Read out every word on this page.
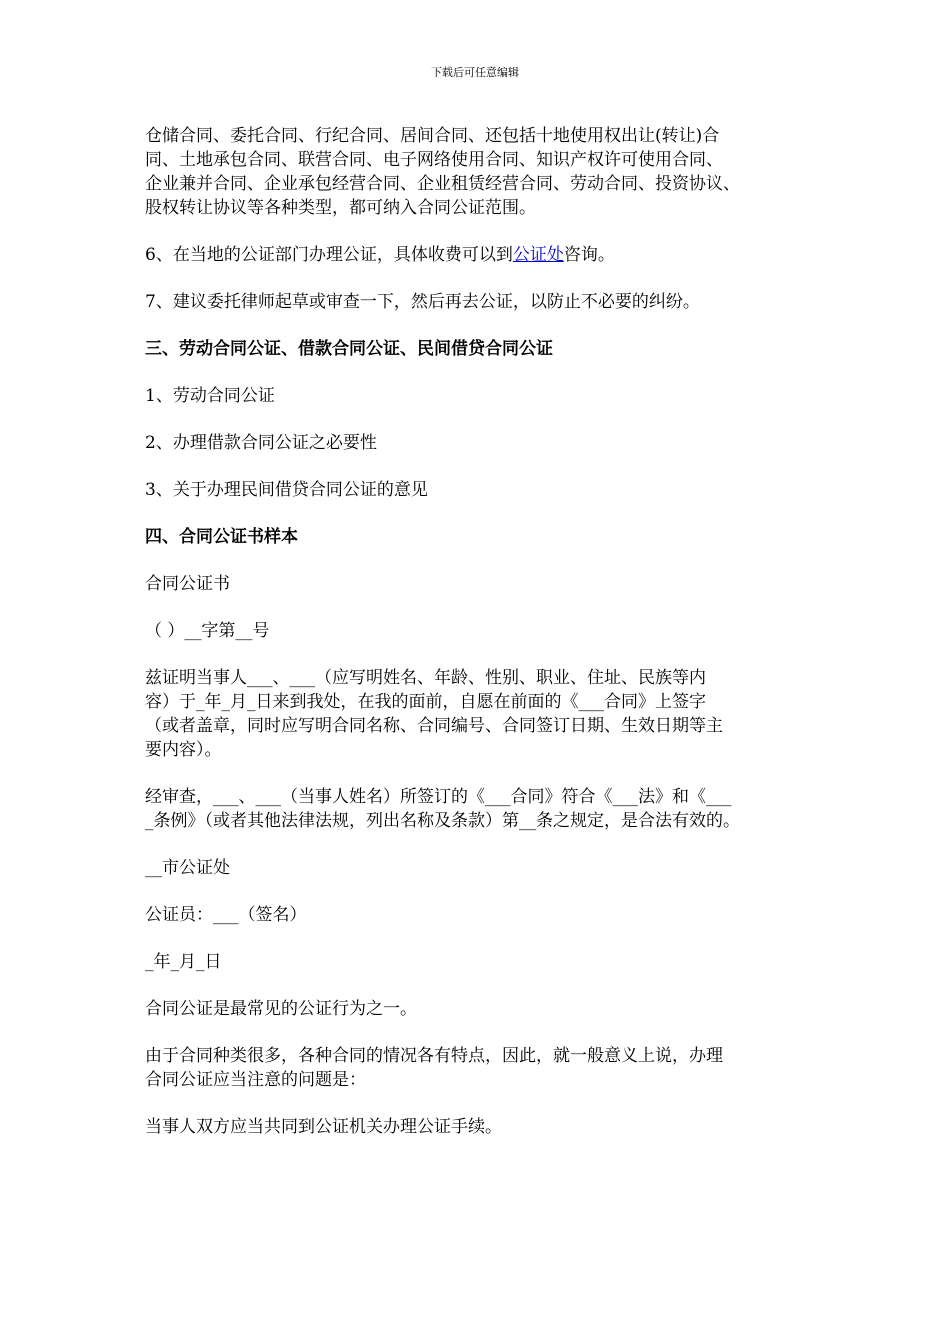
下载后可任意编辑

仓储合同、委托合同、行纪合同、居间合同、还包括十地使用权出让(转让)合
同、土地承包合同、联营合同、电子网络使用合同、知识产权许可使用合同、
企业兼并合同、企业承包经营合同、企业租赁经营合同、劳动合同、投资协议、
股权转让协议等各种类型，都可纳入合同公证范围。

6、在当地的公证部门办理公证，具体收费可以到公证处咨询。

7、建议委托律师起草或审查一下，然后再去公证，以防止不必要的纠纷。

三、劳动合同公证、借款合同公证、民间借贷合同公证

1、劳动合同公证

2、办理借款合同公证之必要性

3、关于办理民间借贷合同公证的意见

四、合同公证书样本

合同公证书

（ ）__字第__号

兹证明当事人___、___（应写明姓名、年龄、性别、职业、住址、民族等内
容）于_年_月_日来到我处，在我的面前，自愿在前面的《___合同》上签字
（或者盖章，同时应写明合同名称、合同编号、合同签订日期、生效日期等主
要内容）。

经审查，___、___（当事人姓名）所签订的《___合同》符合《___法》和《___
_条例》（或者其他法律法规，列出名称及条款）第__条之规定，是合法有效的。

__市公证处

公证员：___（签名）

_年_月_日

合同公证是最常见的公证行为之一。

由于合同种类很多，各种合同的情况各有特点，因此，就一般意义上说，办理
合同公证应当注意的问题是：

当事人双方应当共同到公证机关办理公证手续。
